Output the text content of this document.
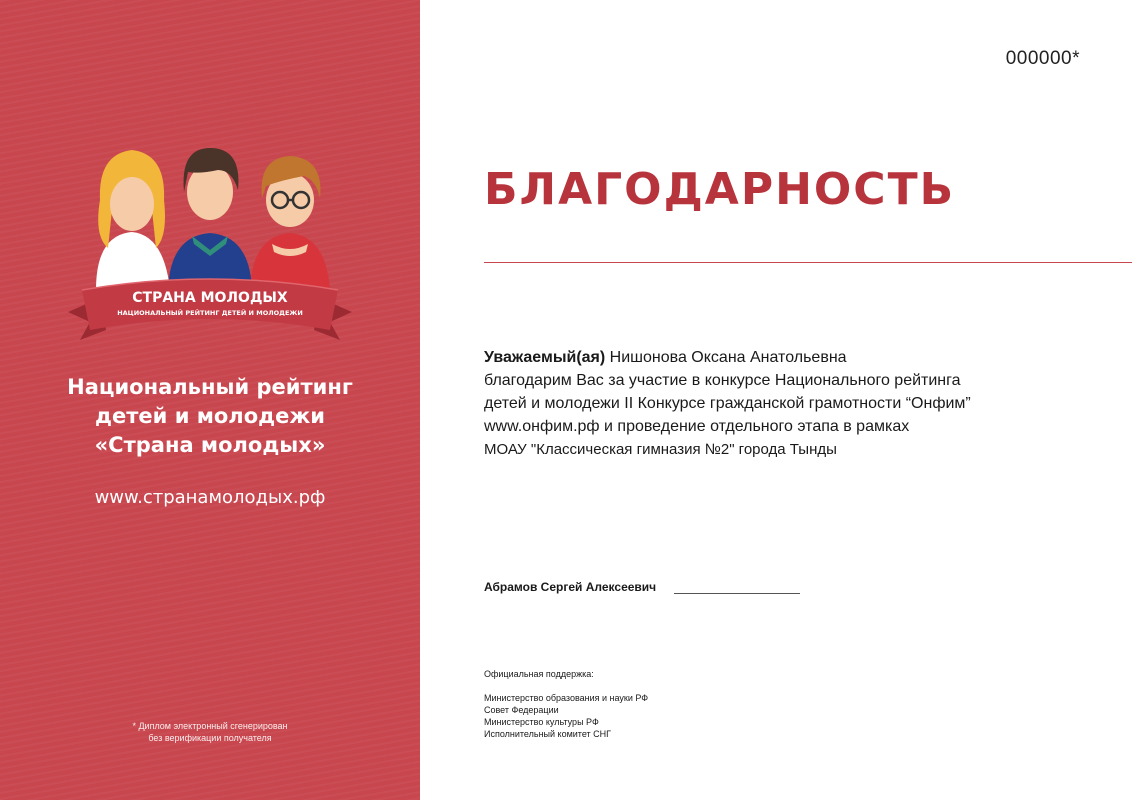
СТРАНА МОЛОДЫХ
НАЦИОНАЛЬНЫЙ РЕЙТИНГ ДЕТЕЙ И МОЛОДЕЖИ
Национальный рейтинг
детей и молодежи
«Страна молодых»
www.странамолодых.рф
* Диплом электронный сгенерирован
без верификации получателя
000000*
БЛАГОДАРНОСТЬ
Уважаемый(ая) Нишонова Оксана Анатольевна
благодарим Вас за участие в конкурсе Национального рейтинга
детей и молодежи II Конкурсе гражданской грамотности “Онфим”
www.онфим.рф и проведение отдельного этапа в рамках
МОАУ "Классическая гимназия №2" города Тынды
Абрамов Сергей Алексеевич
Официальная поддержка:
Министерство образования и науки РФ
Совет Федерации
Министерство культуры РФ
Исполнительный комитет СНГ
